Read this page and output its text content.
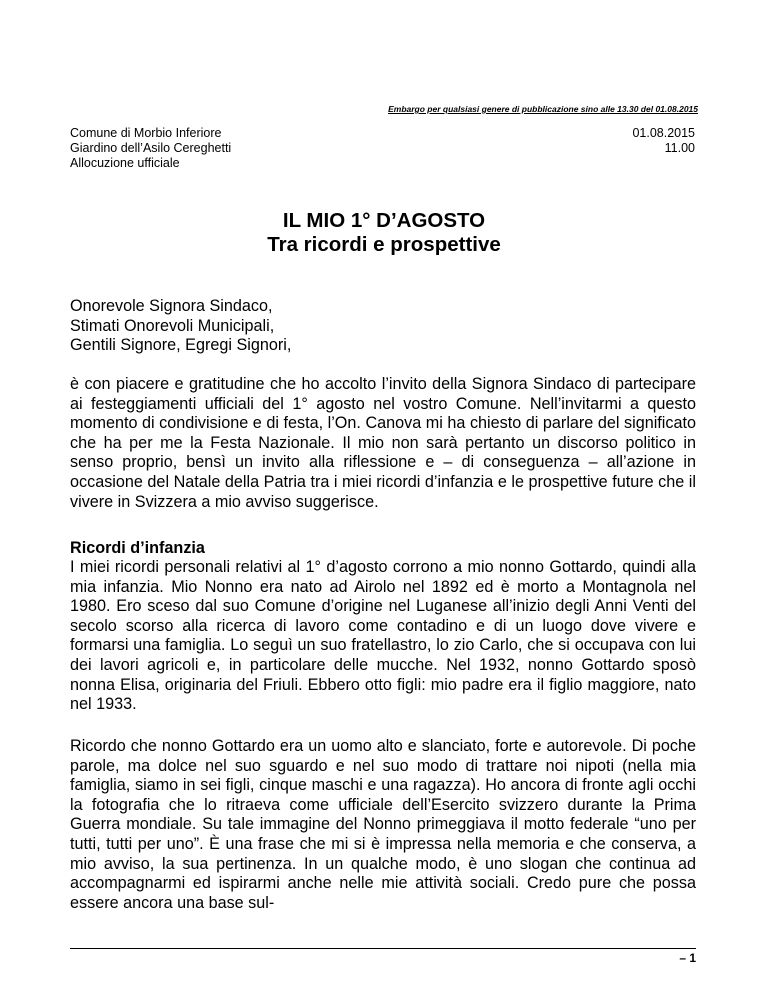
Embargo per qualsiasi genere di pubblicazione sino alle 13.30 del 01.08.2015
Comune di Morbio Inferiore
Giardino dell’Asilo Cereghetti
Allocuzione ufficiale
01.08.2015
11.00
IL MIO 1° D’AGOSTO
Tra ricordi e prospettive
Onorevole Signora Sindaco,
Stimati Onorevoli Municipali,
Gentili Signore, Egregi Signori,

è con piacere e gratitudine che ho accolto l’invito della Signora Sindaco di partecipare ai festeggiamenti ufficiali del 1° agosto nel vostro Comune. Nell’invitarmi a questo momento di condivisione e di festa, l’On. Canova mi ha chiesto di parlare del significato che ha per me la Festa Nazionale. Il mio non sarà pertanto un discorso politico in senso proprio, bensì un invito alla riflessione e – di conseguenza – all’azione in occasione del Natale della Patria tra i miei ricordi d’infanzia e le prospettive future che il vivere in Svizzera a mio avviso suggerisce.

Ricordi d’infanzia

I miei ricordi personali relativi al 1° d’agosto corrono a mio nonno Gottardo, quindi alla mia infanzia. Mio Nonno era nato ad Airolo nel 1892 ed è morto a Montagnola nel 1980. Ero sceso dal suo Comune d’origine nel Luganese all’inizio degli Anni Venti del secolo scorso alla ricerca di lavoro come contadino e di un luogo dove vivere e formarsi una famiglia. Lo seguì un suo fratellastro, lo zio Carlo, che si occupava con lui dei lavori agricoli e, in particolare delle mucche. Nel 1932, nonno Gottardo sposò nonna Elisa, originaria del Friuli. Ebbero otto figli: mio padre era il figlio maggiore, nato nel 1933.

Ricordo che nonno Gottardo era un uomo alto e slanciato, forte e autorevole. Di poche parole, ma dolce nel suo sguardo e nel suo modo di trattare noi nipoti (nella mia famiglia, siamo in sei figli, cinque maschi e una ragazza). Ho ancora di fronte agli occhi la fotografia che lo ritraeva come ufficiale dell’Esercito svizzero durante la Prima Guerra mondiale. Su tale immagine del Nonno primeggiava il motto federale “uno per tutti, tutti per uno”. È una frase che mi si è impressa nella memoria e che conserva, a mio avviso, la sua pertinenza. In un qualche modo, è uno slogan che continua ad accompagnarmi ed ispirarmi anche nelle mie attività sociali. Credo pure che possa essere ancora una base sul-

– 1
